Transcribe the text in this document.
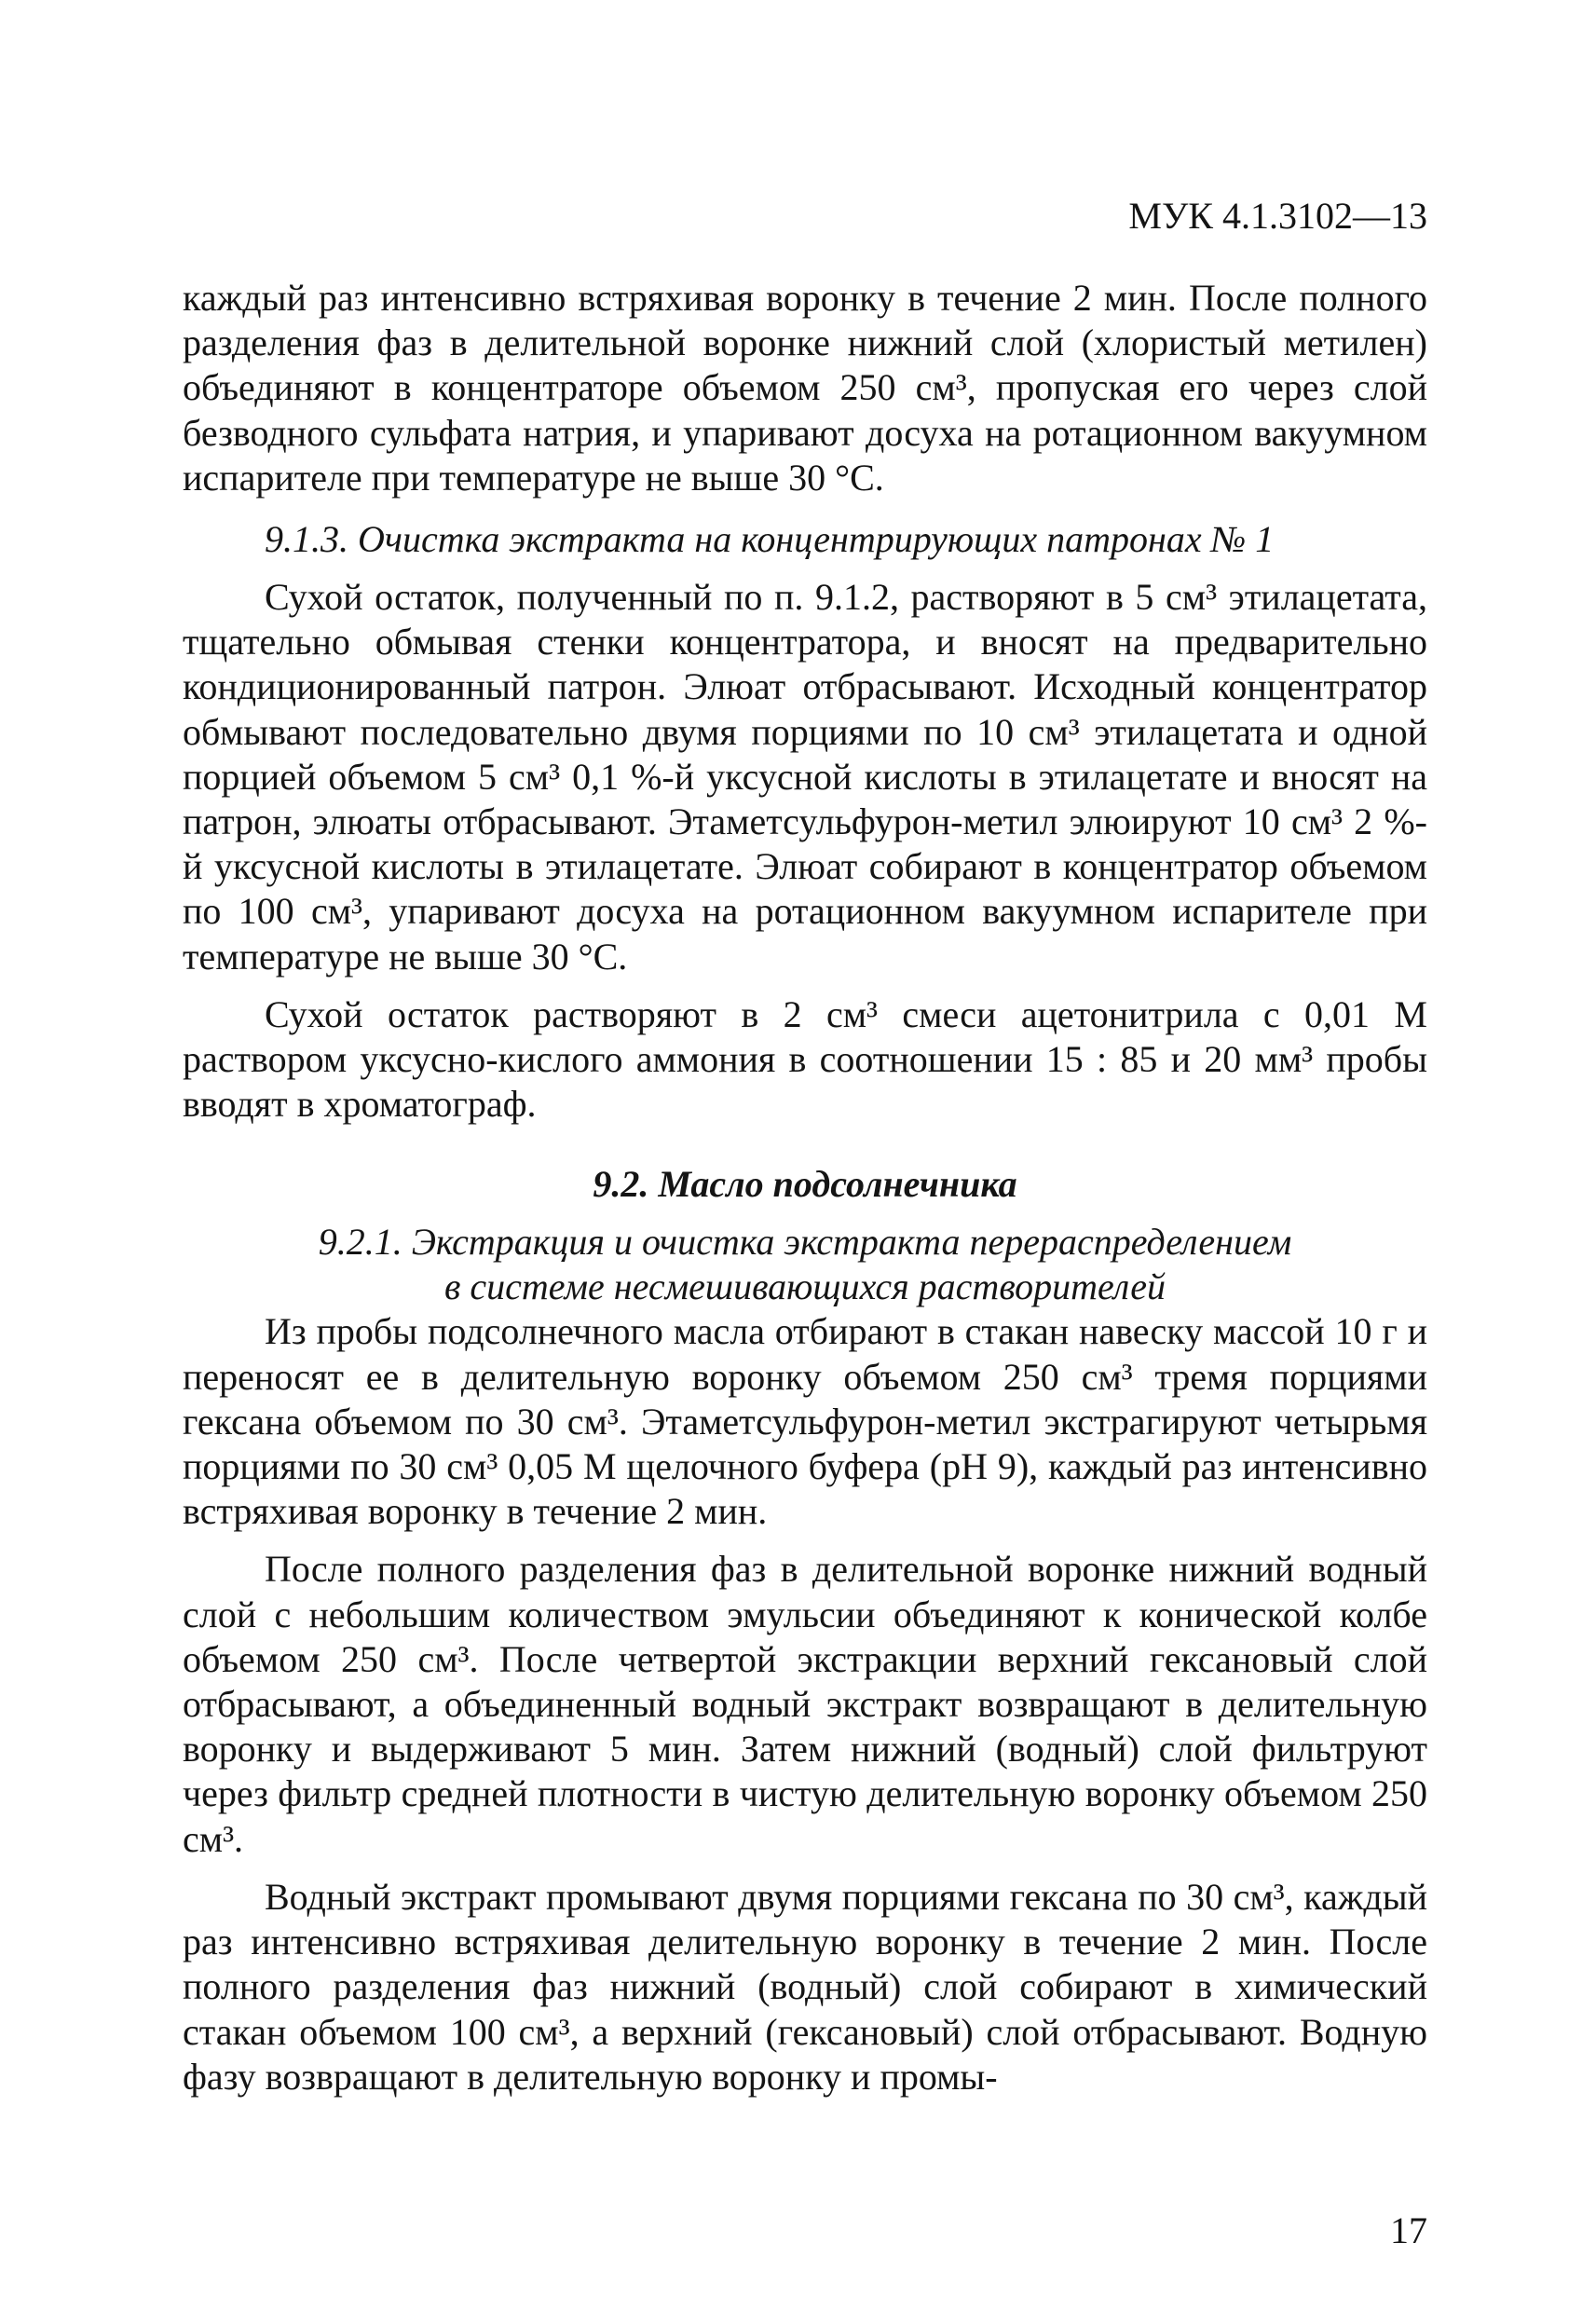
МУК 4.1.3102—13

каждый раз интенсивно встряхивая воронку в течение 2 мин. После полного разделения фаз в делительной воронке нижний слой (хлористый метилен) объединяют в концентраторе объемом 250 см³, пропуская его через слой безводного сульфата натрия, и упаривают досуха на ротационном вакуумном испарителе при температуре не выше 30 °С.

9.1.3. Очистка экстракта на концентрирующих патронах № 1

Сухой остаток, полученный по п. 9.1.2, растворяют в 5 см³ этилацетата, тщательно обмывая стенки концентратора, и вносят на предварительно кондиционированный патрон. Элюат отбрасывают. Исходный концентратор обмывают последовательно двумя порциями по 10 см³ этилацетата и одной порцией объемом 5 см³ 0,1 %-й уксусной кислоты в этилацетате и вносят на патрон, элюаты отбрасывают. Этаметсульфурон-метил элюируют 10 см³ 2 %-й уксусной кислоты в этилацетате. Элюат собирают в концентратор объемом по 100 см³, упаривают досуха на ротационном вакуумном испарителе при температуре не выше 30 °С.

Сухой остаток растворяют в 2 см³ смеси ацетонитрила с 0,01 М раствором уксусно-кислого аммония в соотношении 15 : 85 и 20 мм³ пробы вводят в хроматограф.

9.2. Масло подсолнечника
9.2.1. Экстракция и очистка экстракта перераспределением
в системе несмешивающихся растворителей

Из пробы подсолнечного масла отбирают в стакан навеску массой 10 г и переносят ее в делительную воронку объемом 250 см³ тремя порциями гексана объемом по 30 см³. Этаметсульфурон-метил экстрагируют четырьмя порциями по 30 см³ 0,05 М щелочного буфера (рН 9), каждый раз интенсивно встряхивая воронку в течение 2 мин.

После полного разделения фаз в делительной воронке нижний водный слой с небольшим количеством эмульсии объединяют к конической колбе объемом 250 см³. После четвертой экстракции верхний гексановый слой отбрасывают, а объединенный водный экстракт возвращают в делительную воронку и выдерживают 5 мин. Затем нижний (водный) слой фильтруют через фильтр средней плотности в чистую делительную воронку объемом 250 см³.

Водный экстракт промывают двумя порциями гексана по 30 см³, каждый раз интенсивно встряхивая делительную воронку в течение 2 мин. После полного разделения фаз нижний (водный) слой собирают в химический стакан объемом 100 см³, а верхний (гексановый) слой отбрасывают. Водную фазу возвращают в делительную воронку и промы-

17
